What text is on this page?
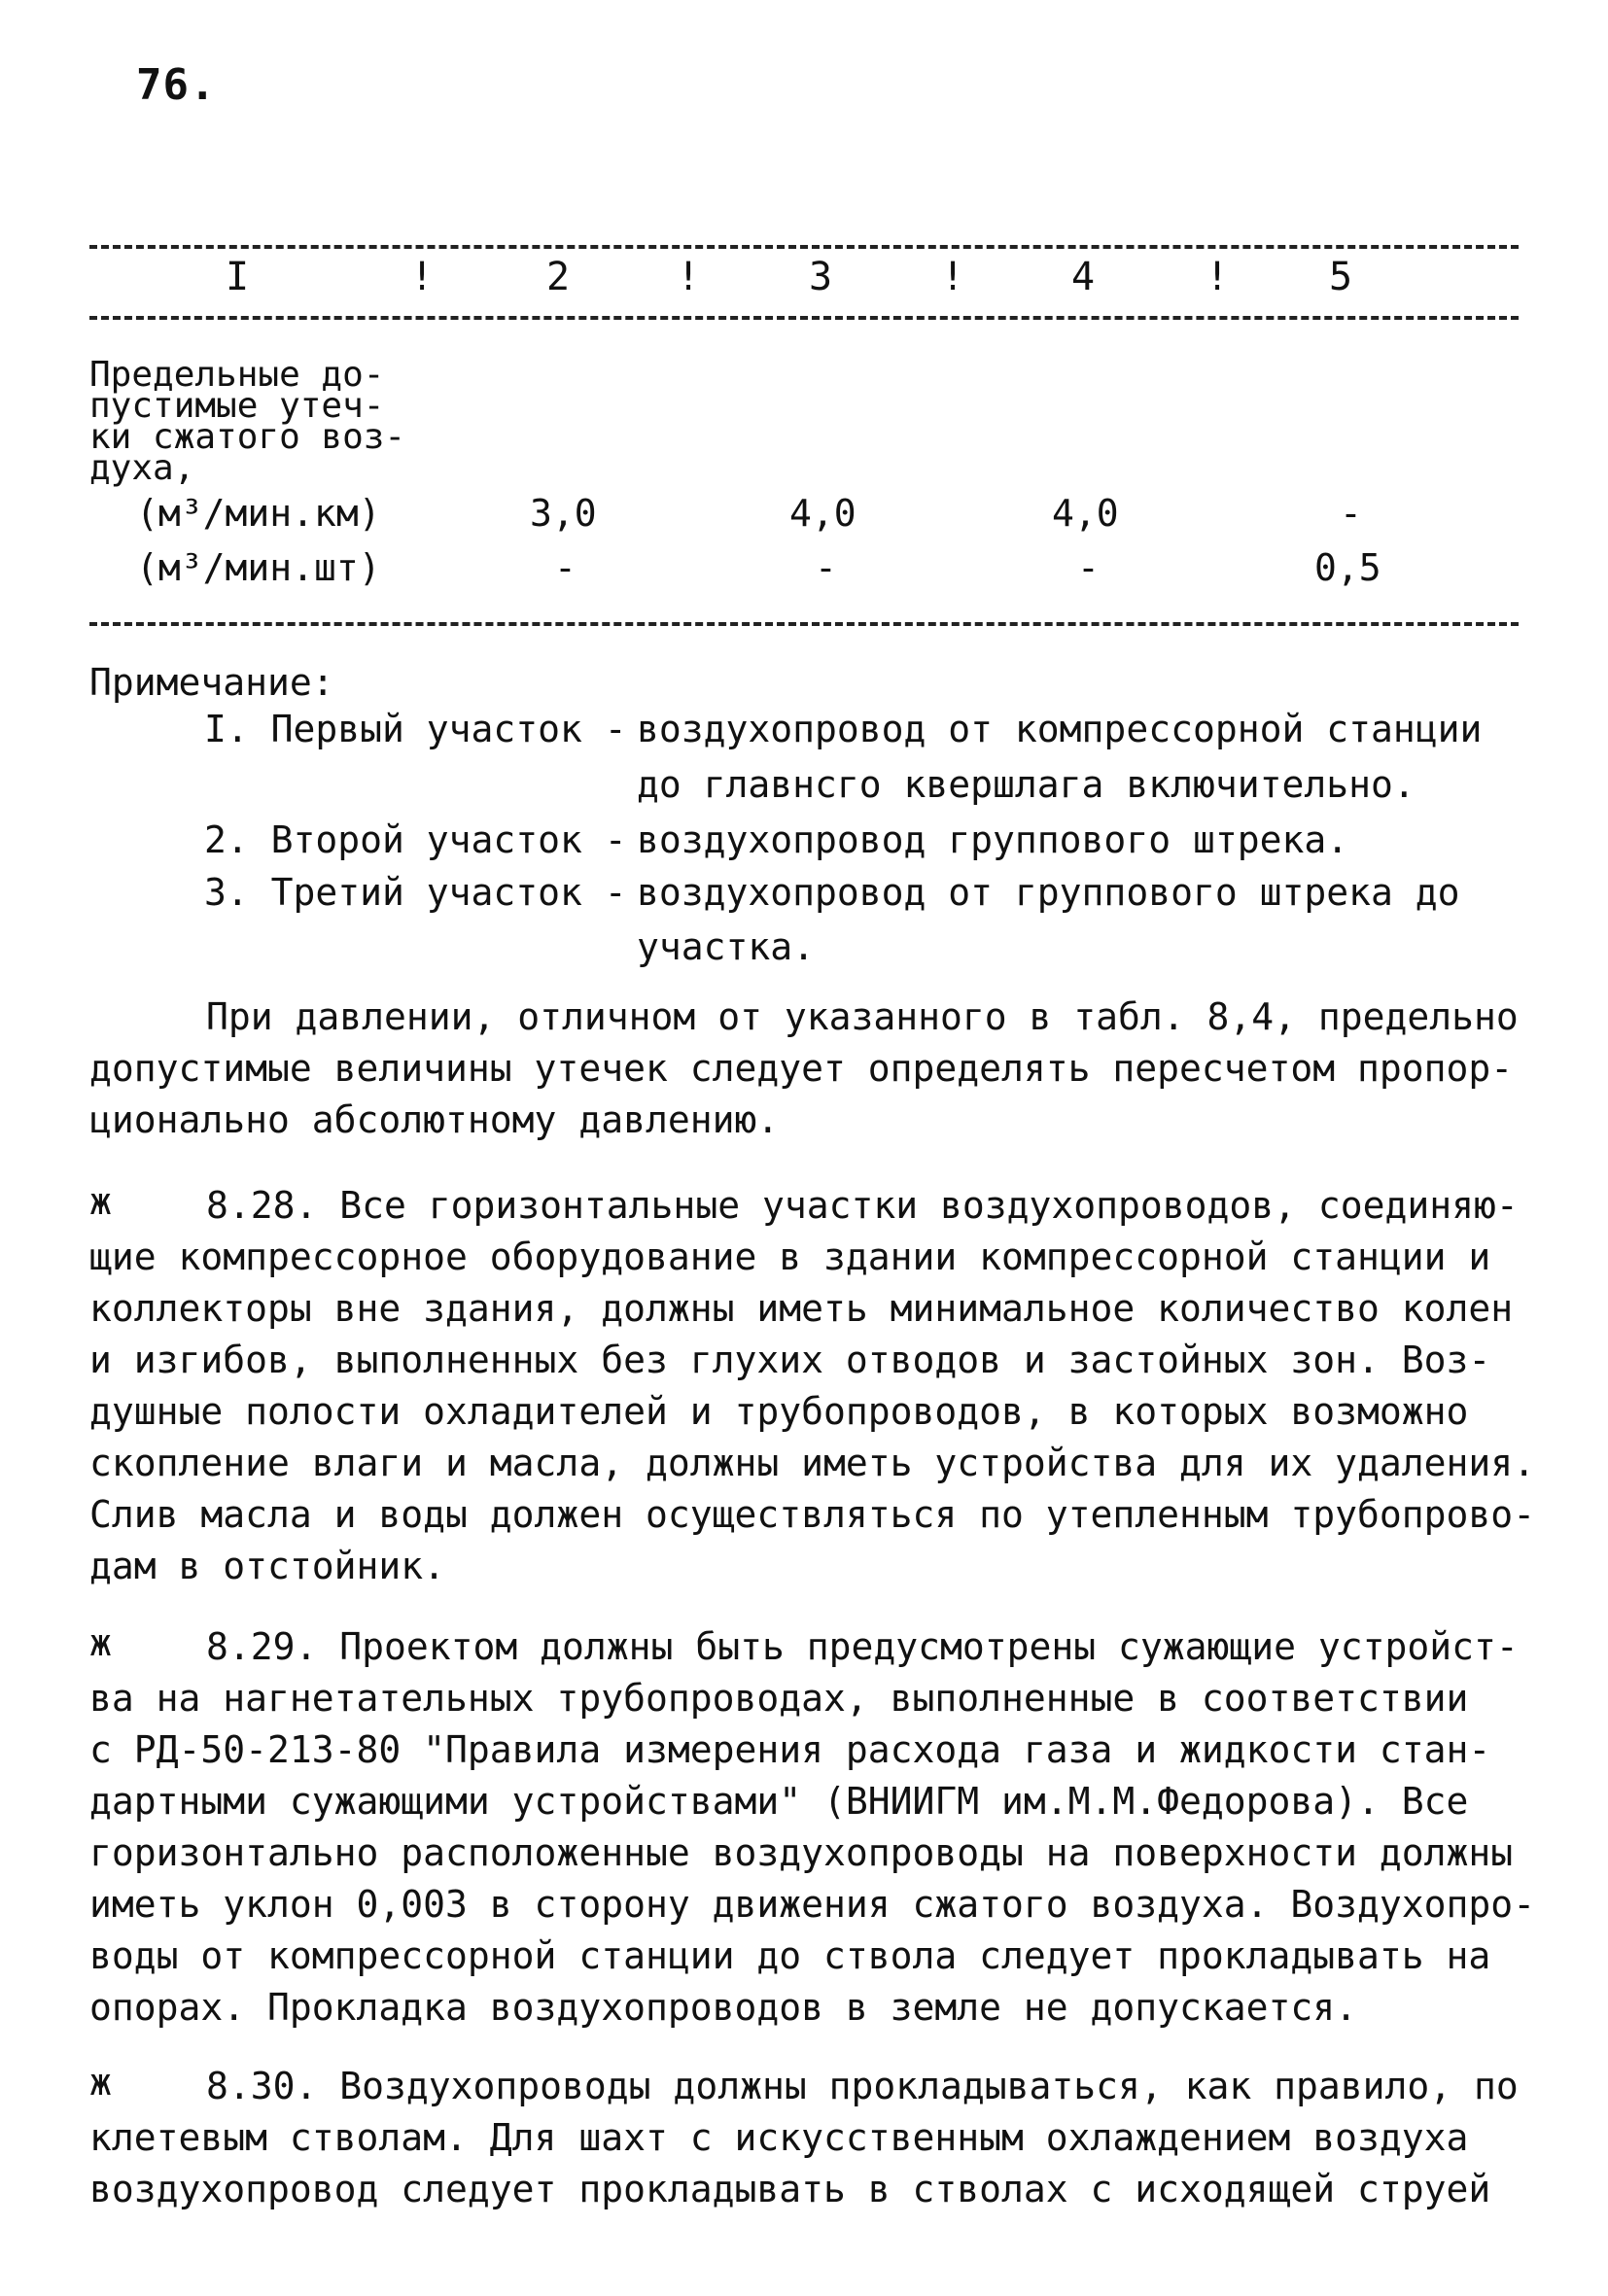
76.
I	!	2	!	3	!	4	!	5
Предельные до-
пустимые утеч-
ки сжатого воз-
духа,
(м³/мин.км)	3,0	4,0	4,0	-
(м³/мин.шт)	-	-	-	0,5
Примечание:
I. Первый участок - воздухопровод от компрессорной станции
до главнсго квершлага включительно.
2. Второй участок - воздухопровод группового штрека.
3. Третий участок - воздухопровод от группового штрека до
участка.
При давлении, отличном от указанного в табл. 8,4, предельно
допустимые величины утечек следует определять пересчетом пропор-
ционально абсолютному давлению.
ж	8.28. Все горизонтальные участки воздухопроводов, соединяю-
щие компрессорное оборудование в здании компрессорной станции и
коллекторы вне здания, должны иметь минимальное количество колен
и изгибов, выполненных без глухих отводов и застойных зон. Воз-
душные полости охладителей и трубопроводов, в которых возможно
скопление влаги и масла, должны иметь устройства для их удаления.
Слив масла и воды должен осуществляться по утепленным трубопрово-
дам в отстойник.
ж	8.29. Проектом должны быть предусмотрены сужающие устройст-
ва на нагнетательных трубопроводах, выполненные в соответствии
с РД-50-213-80 "Правила измерения расхода газа и жидкости стан-
дартными сужающими устройствами" (ВНИИГМ им.М.М.Федорова). Все
горизонтально расположенные воздухопроводы на поверхности должны
иметь уклон 0,003 в сторону движения сжатого воздуха. Воздухопро-
воды от компрессорной станции до ствола следует прокладывать на
опорах. Прокладка воздухопроводов в земле не допускается.
ж	8.30. Воздухопроводы должны прокладываться, как правило, по
клетевым стволам. Для шахт с искусственным охлаждением воздуха
воздухопровод следует прокладывать в стволах с исходящей струей
